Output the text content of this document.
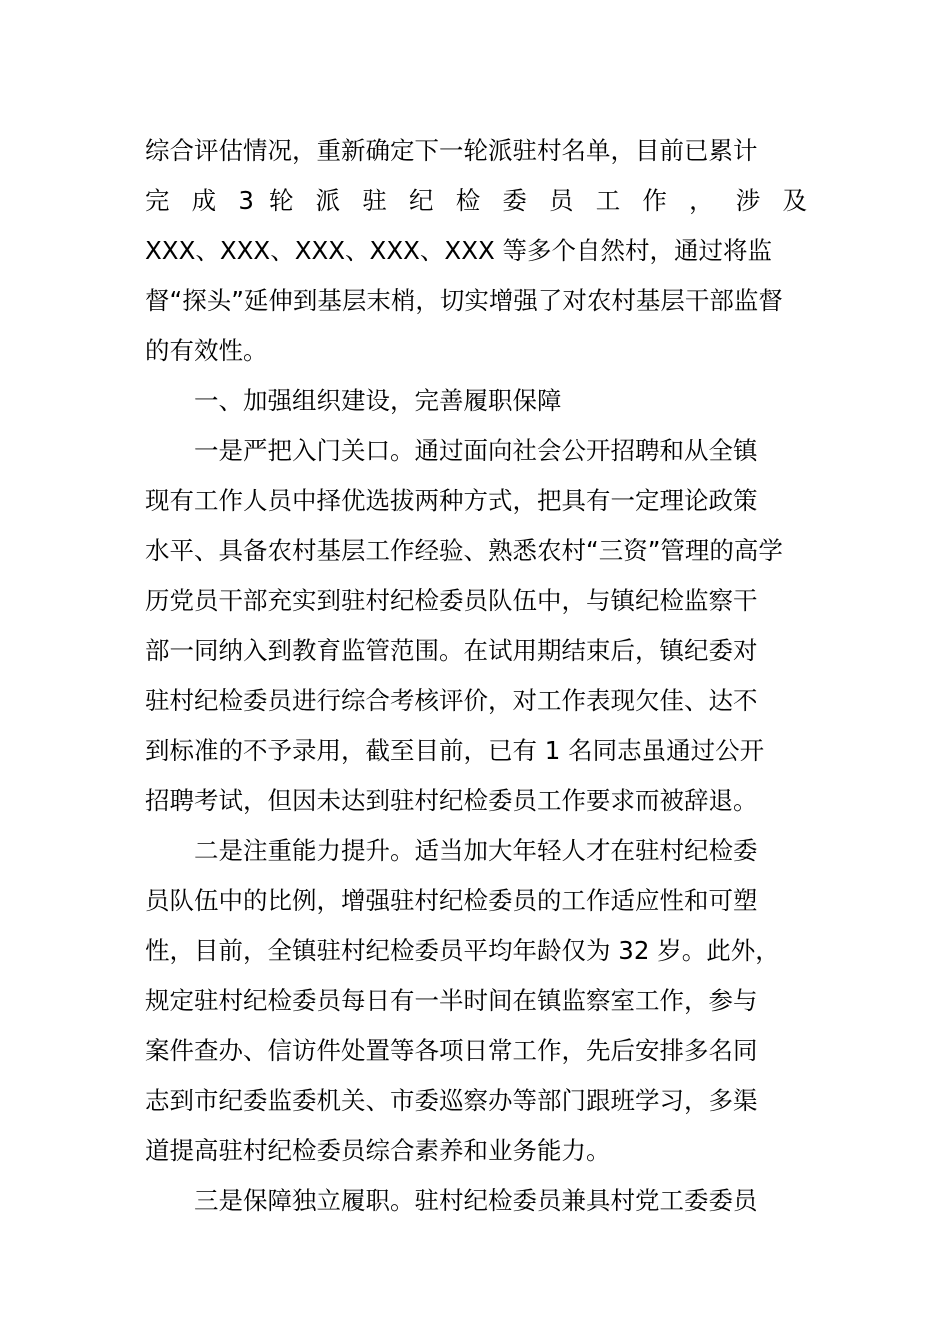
综合评估情况，重新确定下一轮派驻村名单，目前已累计
完 成 3 轮 派 驻 纪 检 委 员 工 作 ， 涉 及
XXX、XXX、XXX、XXX、XXX 等多个自然村，通过将监
督“探头”延伸到基层末梢，切实增强了对农村基层干部监督
的有效性。
一、加强组织建设，完善履职保障
一是严把入门关口。通过面向社会公开招聘和从全镇
现有工作人员中择优选拔两种方式，把具有一定理论政策
水平、具备农村基层工作经验、熟悉农村“三资”管理的高学
历党员干部充实到驻村纪检委员队伍中，与镇纪检监察干
部一同纳入到教育监管范围。在试用期结束后，镇纪委对
驻村纪检委员进行综合考核评价，对工作表现欠佳、达不
到标准的不予录用，截至目前，已有 1 名同志虽通过公开
招聘考试，但因未达到驻村纪检委员工作要求而被辞退。
二是注重能力提升。适当加大年轻人才在驻村纪检委
员队伍中的比例，增强驻村纪检委员的工作适应性和可塑
性，目前，全镇驻村纪检委员平均年龄仅为 32 岁。此外，
规定驻村纪检委员每日有一半时间在镇监察室工作，参与
案件查办、信访件处置等各项日常工作，先后安排多名同
志到市纪委监委机关、市委巡察办等部门跟班学习，多渠
道提高驻村纪检委员综合素养和业务能力。
三是保障独立履职。驻村纪检委员兼具村党工委委员
